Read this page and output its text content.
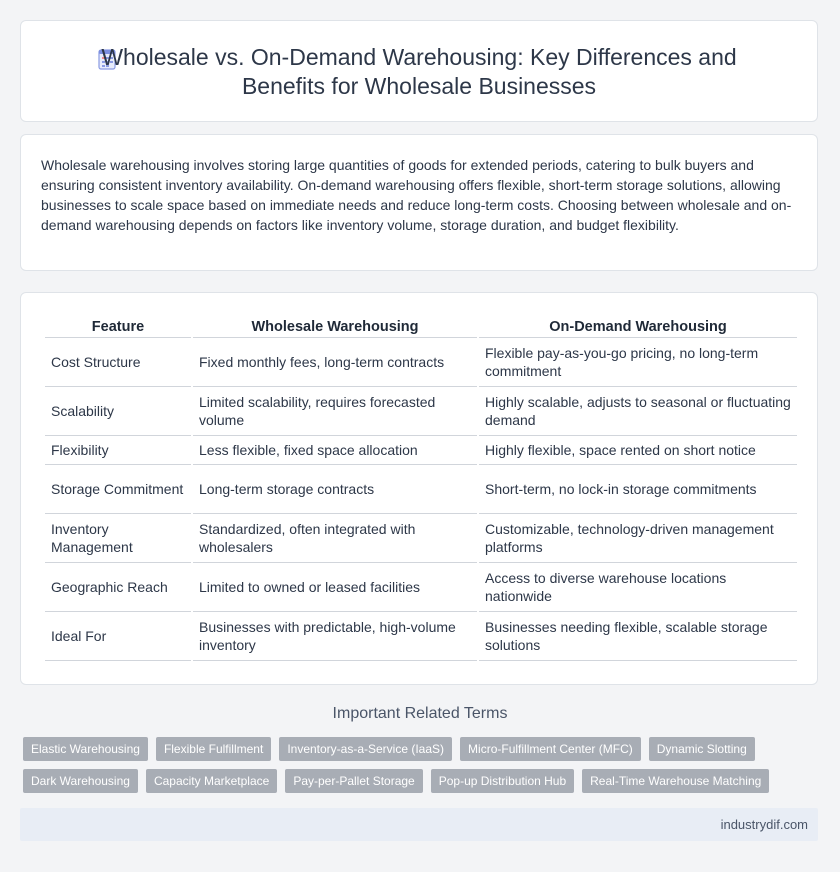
Wholesale vs. On-Demand Warehousing: Key Differences and Benefits for Wholesale Businesses

Wholesale warehousing involves storing large quantities of goods for extended periods, catering to bulk buyers and ensuring consistent inventory availability. On-demand warehousing offers flexible, short-term storage solutions, allowing businesses to scale space based on immediate needs and reduce long-term costs. Choosing between wholesale and on-demand warehousing depends on factors like inventory volume, storage duration, and budget flexibility.

Feature	Wholesale Warehousing	On-Demand Warehousing
Cost Structure	Fixed monthly fees, long-term contracts	Flexible pay-as-you-go pricing, no long-term commitment
Scalability	Limited scalability, requires forecasted volume	Highly scalable, adjusts to seasonal or fluctuating demand
Flexibility	Less flexible, fixed space allocation	Highly flexible, space rented on short notice
Storage Commitment	Long-term storage contracts	Short-term, no lock-in storage commitments
Inventory Management	Standardized, often integrated with wholesalers	Customizable, technology-driven management platforms
Geographic Reach	Limited to owned or leased facilities	Access to diverse warehouse locations nationwide
Ideal For	Businesses with predictable, high-volume inventory	Businesses needing flexible, scalable storage solutions
Important Related Terms
Elastic Warehousing	Flexible Fulfillment	Inventory-as-a-Service (IaaS)	Micro-Fulfillment Center (MFC)	Dynamic Slotting
Dark Warehousing	Capacity Marketplace	Pay-per-Pallet Storage	Pop-up Distribution Hub	Real-Time Warehouse Matching
industrydif.com
